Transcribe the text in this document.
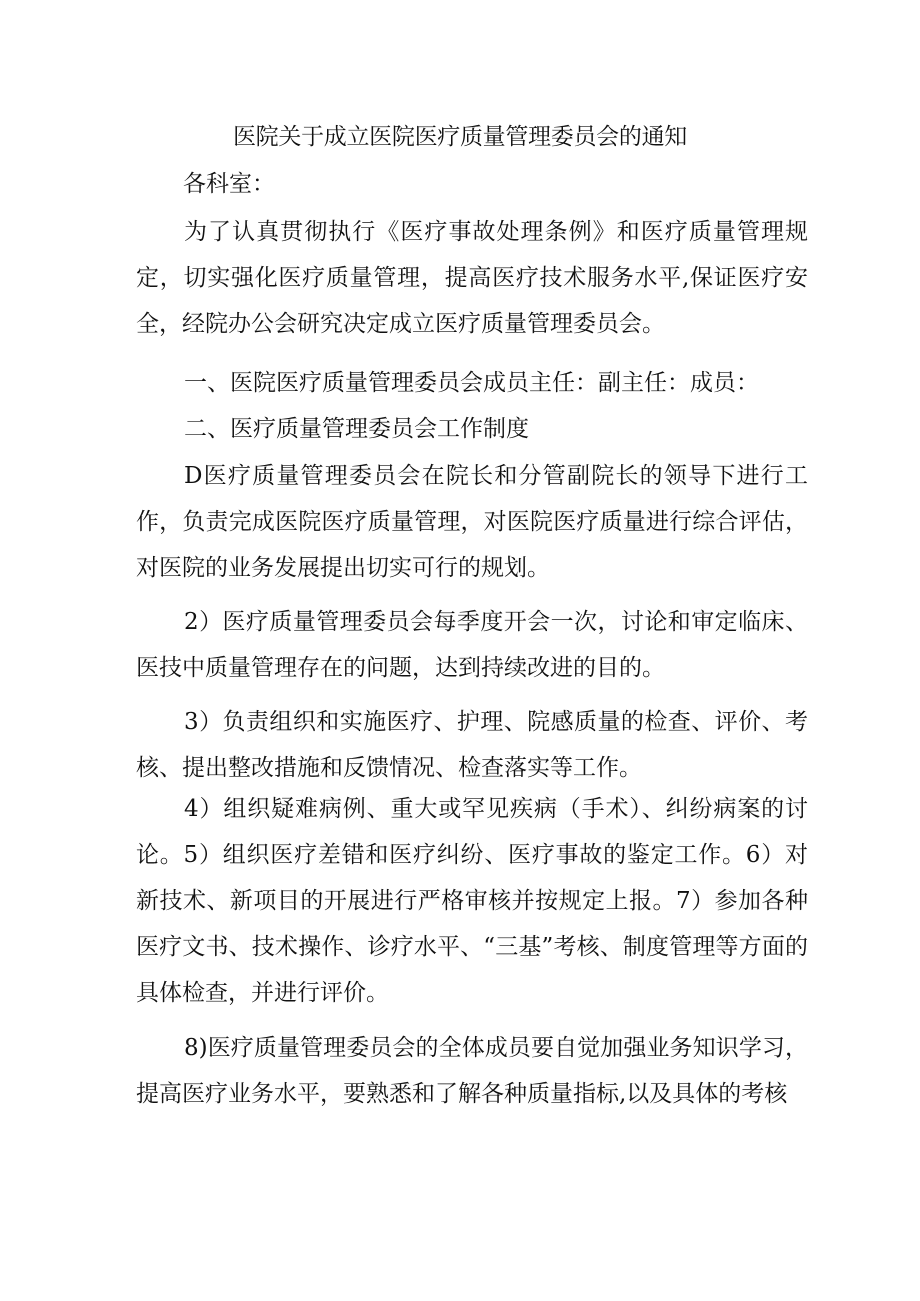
医院关于成立医院医疗质量管理委员会的通知

各科室：

为了认真贯彻执行《医疗事故处理条例》和医疗质量管理规定，切实强化医疗质量管理，提高医疗技术服务水平,保证医疗安全，经院办公会研究决定成立医疗质量管理委员会。

一、医院医疗质量管理委员会成员主任：副主任：成员：

二、医疗质量管理委员会工作制度

D医疗质量管理委员会在院长和分管副院长的领导下进行工作，负责完成医院医疗质量管理，对医院医疗质量进行综合评估，对医院的业务发展提出切实可行的规划。

2）医疗质量管理委员会每季度开会一次，讨论和审定临床、医技中质量管理存在的问题，达到持续改进的目的。

3）负责组织和实施医疗、护理、院感质量的检查、评价、考核、提出整改措施和反馈情况、检查落实等工作。

4）组织疑难病例、重大或罕见疾病（手术）、纠纷病案的讨论。5）组织医疗差错和医疗纠纷、医疗事故的鉴定工作。6）对新技术、新项目的开展进行严格审核并按规定上报。7）参加各种医疗文书、技术操作、诊疗水平、“三基”考核、制度管理等方面的具体检查，并进行评价。

8)医疗质量管理委员会的全体成员要自觉加强业务知识学习，提高医疗业务水平，要熟悉和了解各种质量指标,以及具体的考核
